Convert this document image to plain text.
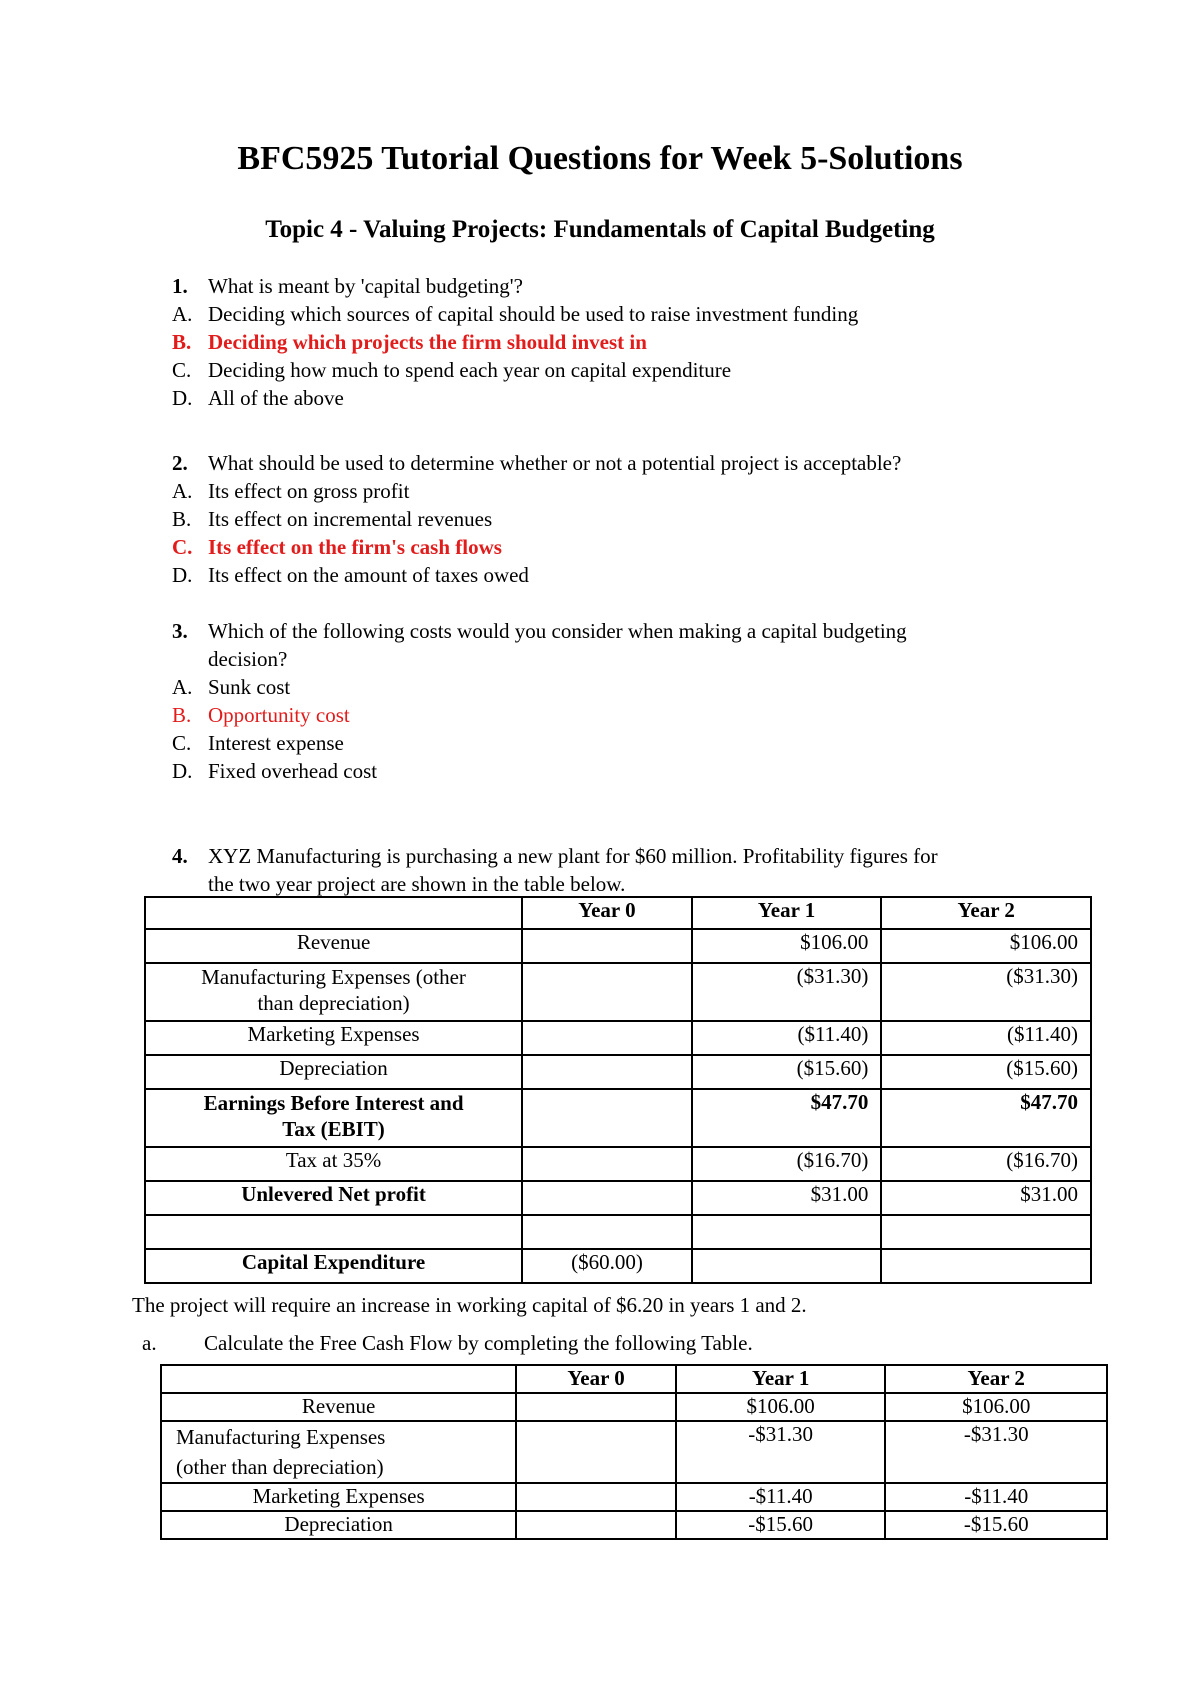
BFC5925 Tutorial Questions for Week 5-Solutions
Topic 4 - Valuing Projects: Fundamentals of Capital Budgeting
1. What is meant by 'capital budgeting'?
A. Deciding which sources of capital should be used to raise investment funding
B. Deciding which projects the firm should invest in
C. Deciding how much to spend each year on capital expenditure
D. All of the above
2. What should be used to determine whether or not a potential project is acceptable?
A. Its effect on gross profit
B. Its effect on incremental revenues
C. Its effect on the firm's cash flows
D. Its effect on the amount of taxes owed
3. Which of the following costs would you consider when making a capital budgeting
decision?
A. Sunk cost
B. Opportunity cost
C. Interest expense
D. Fixed overhead cost
4. XYZ Manufacturing is purchasing a new plant for $60 million. Profitability figures for
the two year project are shown in the table below.
	Year 0	Year 1	Year 2
Revenue		$106.00	$106.00
Manufacturing Expenses (other
than depreciation)		($31.30)	($31.30)
Marketing Expenses		($11.40)	($11.40)
Depreciation		($15.60)	($15.60)
Earnings Before Interest and
Tax (EBIT)		$47.70	$47.70
Tax at 35%		($16.70)	($16.70)
Unlevered Net profit		$31.00	$31.00

Capital Expenditure	($60.00)		
The project will require an increase in working capital of $6.20 in years 1 and 2.
a. Calculate the Free Cash Flow by completing the following Table.
	Year 0	Year 1	Year 2
Revenue		$106.00	$106.00
Manufacturing Expenses
(other than depreciation)		-$31.30	-$31.30
Marketing Expenses		-$11.40	-$11.40
Depreciation		-$15.60	-$15.60
